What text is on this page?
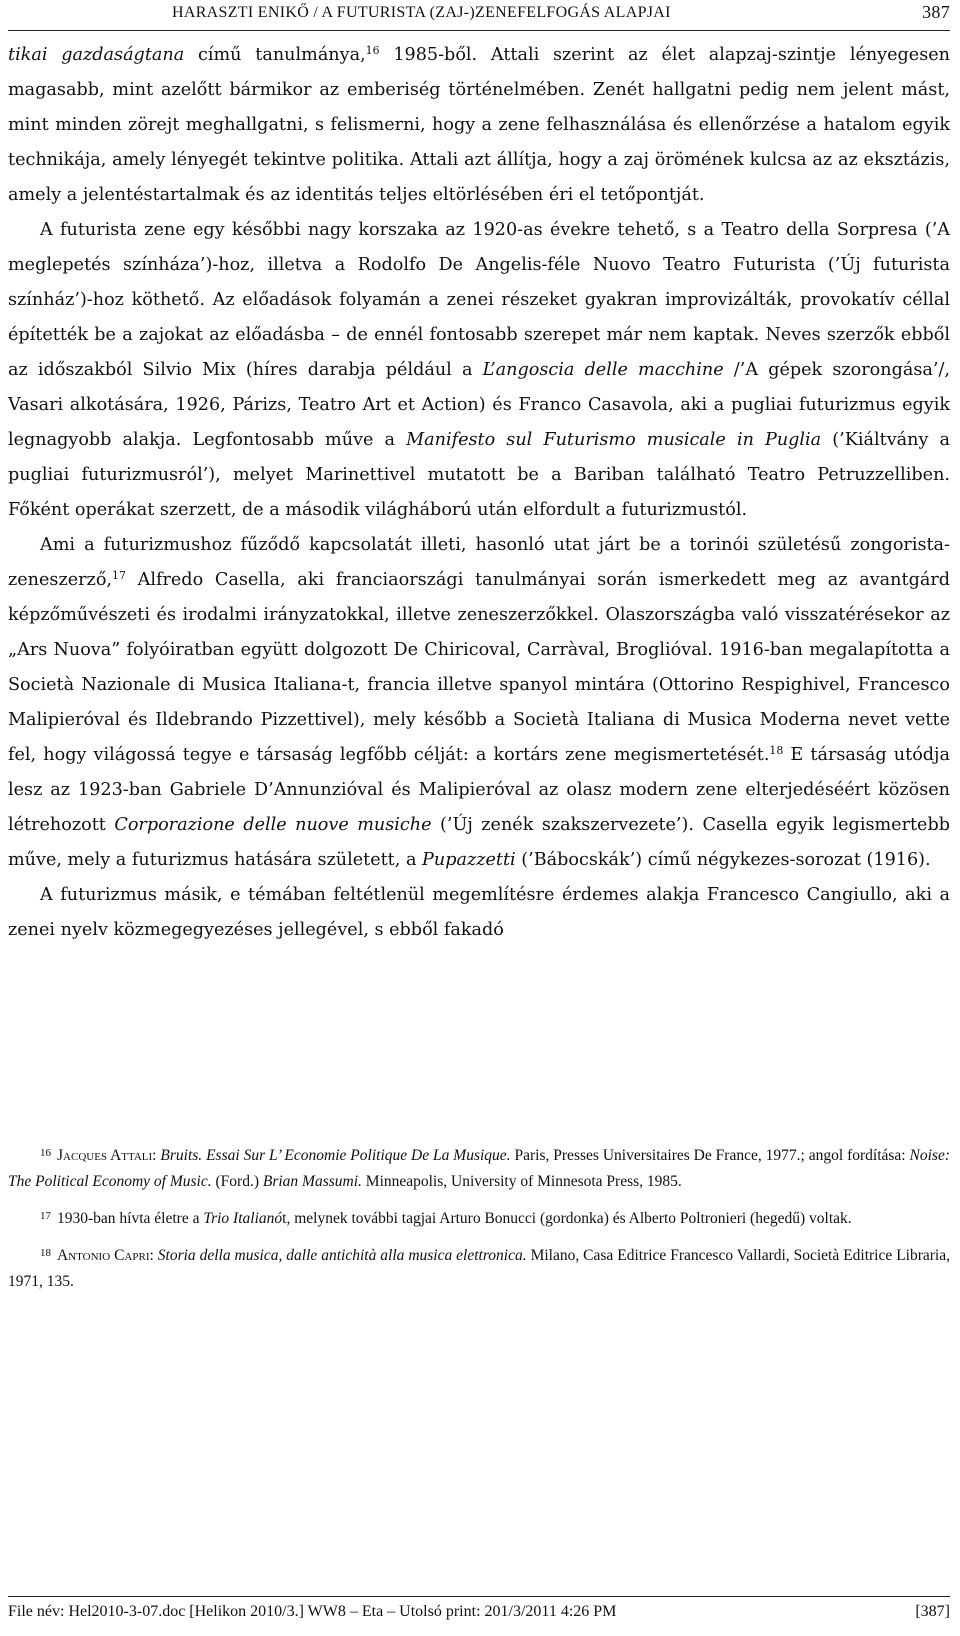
HARASZTI ENIKŐ / A FUTURISTA (ZAJ-)ZENEFELFOGÁS ALAPJAI	387

tikai gazdaságtana című tanulmánya,$^{16}$ 1985-ből. Attali szerint az élet alapzaj-szintje lényegesen magasabb, mint azelőtt bármikor az emberiség történelmében. Zenét hallgatni pedig nem jelent mást, mint minden zörejt meghallgatni, s felismerni, hogy a zene felhasználása és ellenőrzése a hatalom egyik technikája, amely lényegét tekintve politika. Attali azt állítja, hogy a zaj örömének kulcsa az az eksztázis, amely a jelentéstartalmak és az identitás teljes eltörlésében éri el tetőpontját.

A futurista zene egy későbbi nagy korszaka az 1920-as évekre tehető, s a Teatro della Sorpresa (’A meglepetés színháza’)-hoz, illetva a Rodolfo De Angelis-féle Nuovo Teatro Futurista (’Új futurista színház’)-hoz köthető. Az előadások folyamán a zenei részeket gyakran improvizálták, provokatív céllal építették be a zajokat az előadásba – de ennél fontosabb szerepet már nem kaptak. Neves szerzők ebből az időszakból Silvio Mix (híres darabja például a L’angoscia delle macchine /’A gépek szorongása’/, Vasari alkotására, 1926, Párizs, Teatro Art et Action) és Franco Casavola, aki a pugliai futurizmus egyik legnagyobb alakja. Legfontosabb műve a Manifesto sul Futurismo musicale in Puglia (’Kiáltvány a pugliai futurizmusról’), melyet Marinettivel mutatott be a Bariban található Teatro Petruzzelliben. Főként operákat szerzett, de a második világháború után elfordult a futurizmustól.

Ami a futurizmushoz fűződő kapcsolatát illeti, hasonló utat járt be a torinói születésű zongorista-zeneszerző,$^{17}$ Alfredo Casella, aki franciaországi tanulmányai során ismerkedett meg az avantgárd képzőművészeti és irodalmi irányzatokkal, illetve zeneszerzőkkel. Olaszországba való visszatérésekor az „Ars Nuova” folyóiratban együtt dolgozott De Chiricoval, Carràval, Broglióval. 1916-ban megalapította a Società Nazionale di Musica Italiana-t, francia illetve spanyol mintára (Ottorino Respighivel, Francesco Malipieróval és Ildebrando Pizzettivel), mely később a Società Italiana di Musica Moderna nevet vette fel, hogy világossá tegye e társaság legfőbb célját: a kortárs zene megismertetését.$^{18}$ E társaság utódja lesz az 1923-ban Gabriele D’Annunzióval és Malipieróval az olasz modern zene elterjedéséért közösen létrehozott Corporazione delle nuove musiche (’Új zenék szakszervezete’). Casella egyik legismertebb műve, mely a futurizmus hatására született, a Pupazzetti (’Bábocskák’) című négykezes-sorozat (1916).

A futurizmus másik, e témában feltétlenül megemlítésre érdemes alakja Francesco Cangiullo, aki a zenei nyelv közmegegyezéses jellegével, s ebből fakadó

$^{16}$ Jacques Attali: Bruits. Essai Sur L’ Economie Politique De La Musique. Paris, Presses Universitaires De France, 1977.; angol fordítása: Noise: The Political Economy of Music. (Ford.) Brian Massumi. Minneapolis, University of Minnesota Press, 1985.
$^{17}$ 1930-ban hívta életre a Trio Italianót, melynek további tagjai Arturo Bonucci (gordonka) és Alberto Poltronieri (hegedű) voltak.
$^{18}$ Antonio Capri: Storia della musica, dalle antichità alla musica elettronica. Milano, Casa Editrice Francesco Vallardi, Società Editrice Libraria, 1971, 135.
File név: Hel2010-3-07.doc [Helikon 2010/3.] WW8 – Eta – Utolsó print: 201/3/2011 4:26 PM	[387]
